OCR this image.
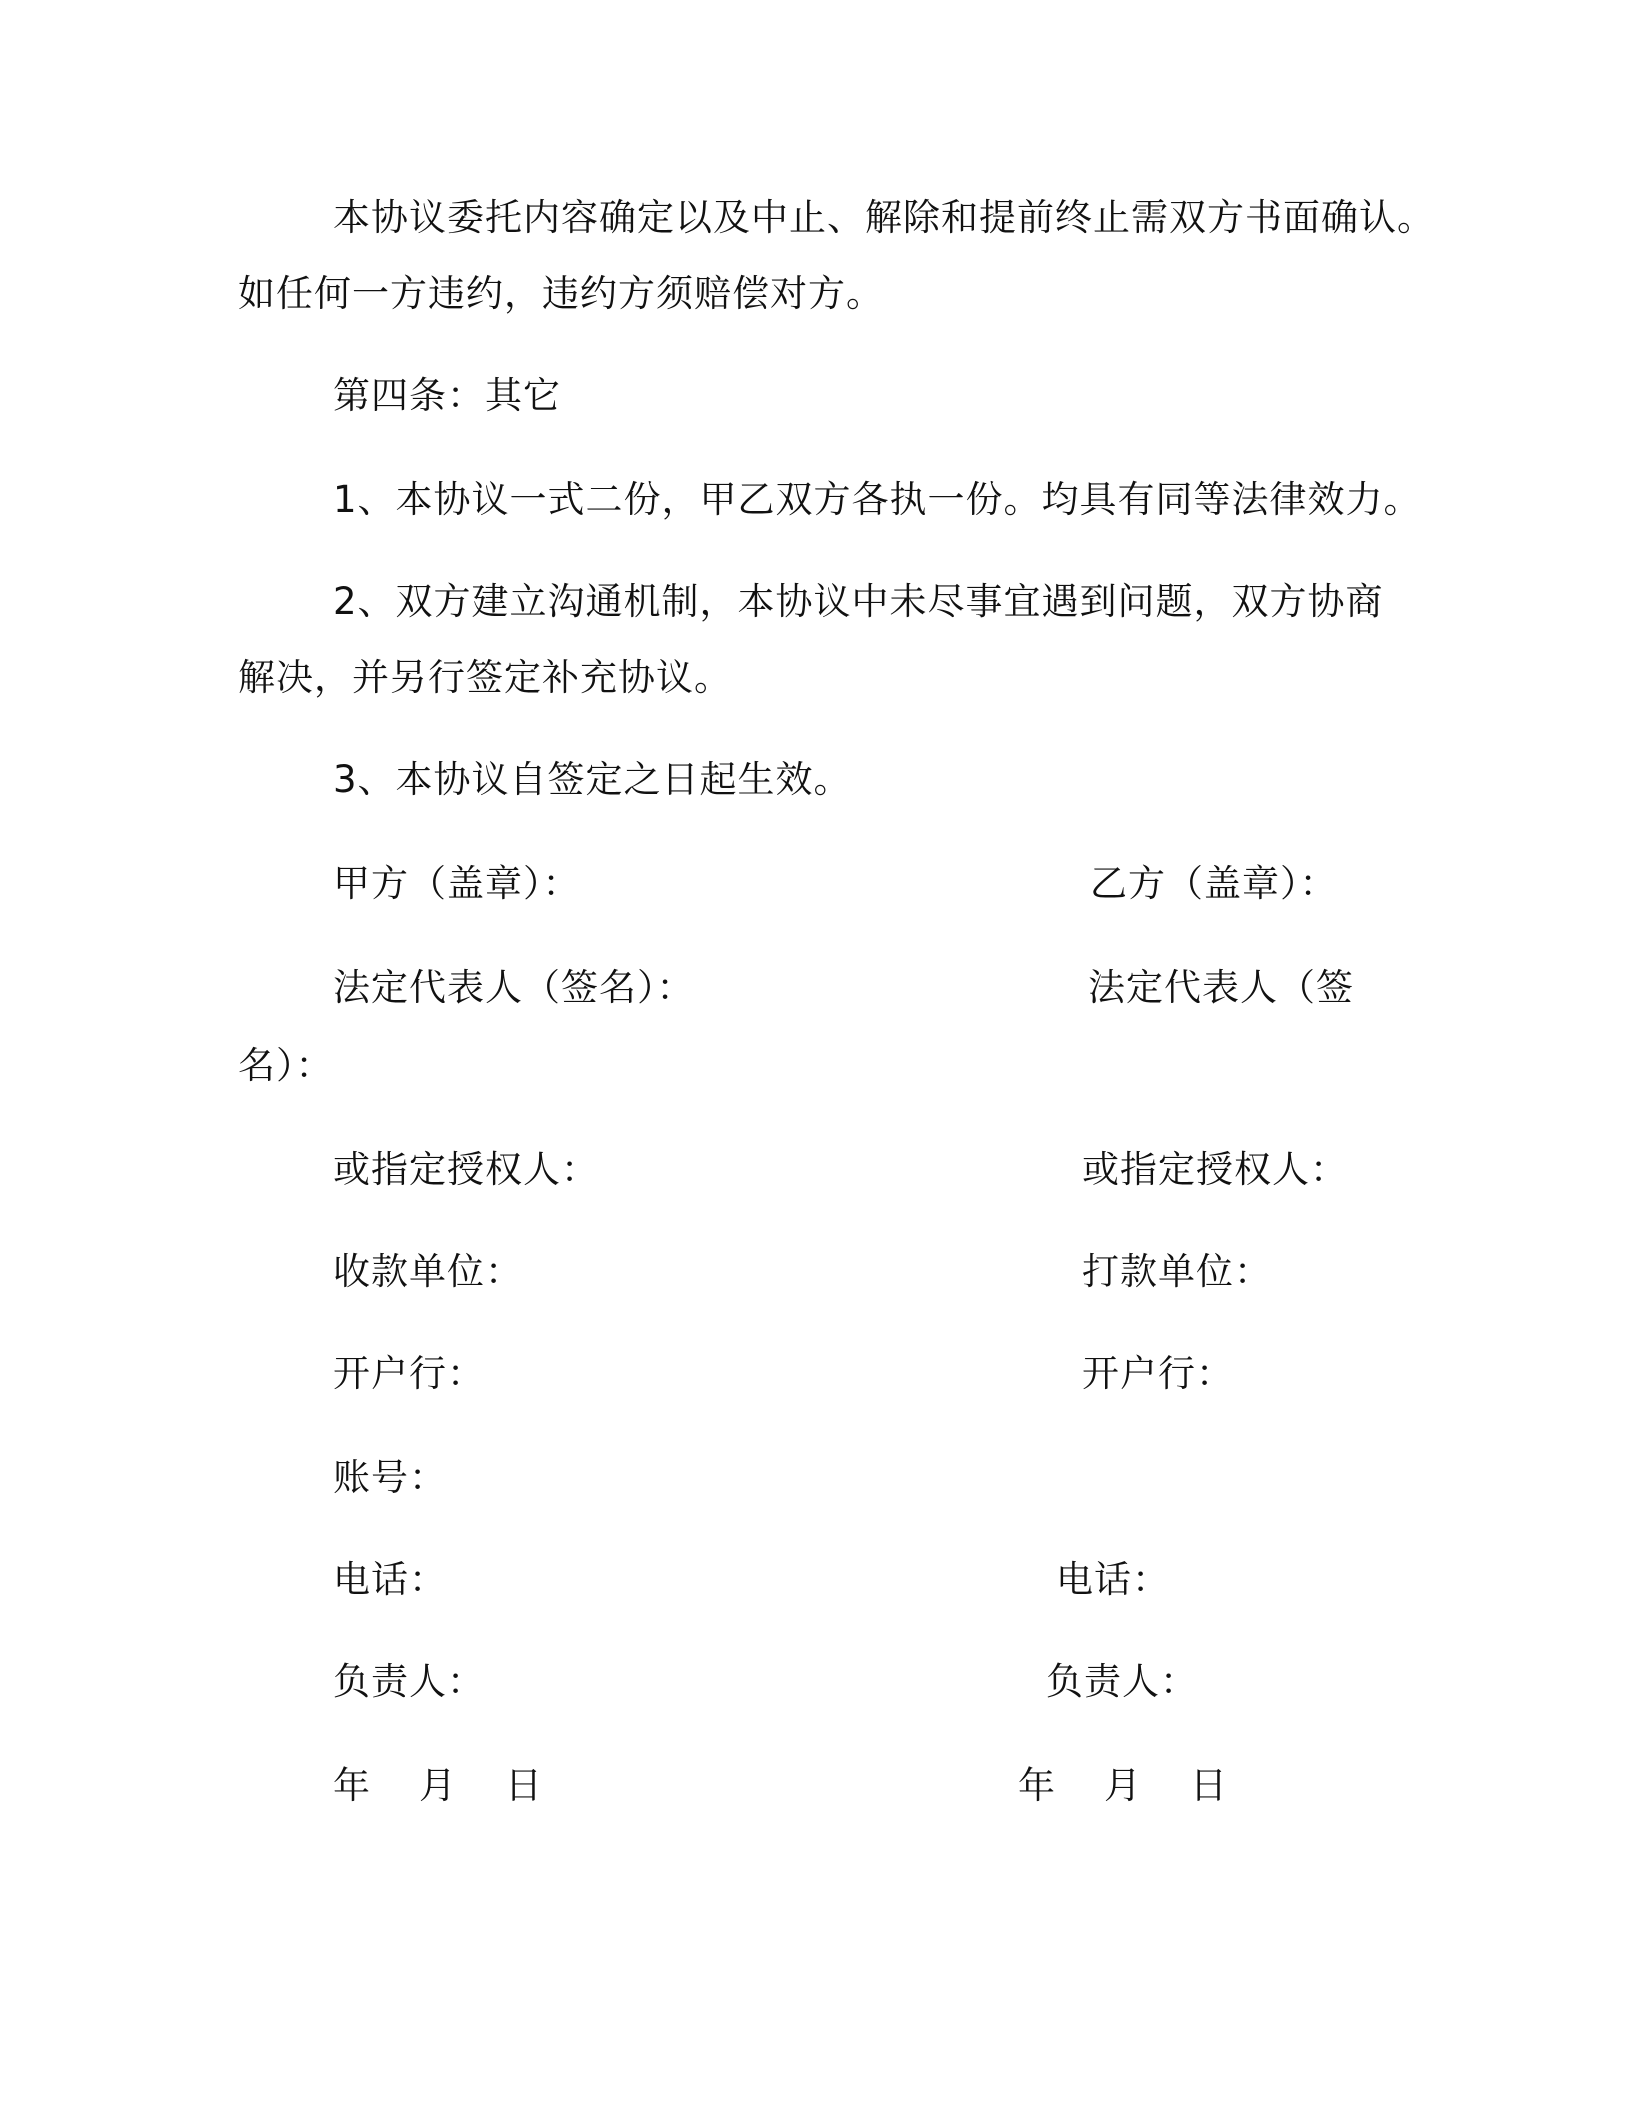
本协议委托内容确定以及中止、解除和提前终止需双方书面确认。
如任何一方违约，违约方须赔偿对方。
第四条：其它
1、本协议一式二份，甲乙双方各执一份。均具有同等法律效力。
2、双方建立沟通机制，本协议中未尽事宜遇到问题，双方协商
解决，并另行签定补充协议。
3、本协议自签定之日起生效。
甲方（盖章）：
法定代表人（签名）：
或指定授权人：
收款单位：
开户行：
账号：
电话：
负责人：
年　月　日
乙方（盖章）：
法定代表人（签
名）：
或指定授权人：
打款单位：
开户行：
电话：
负责人：
年　月　日
